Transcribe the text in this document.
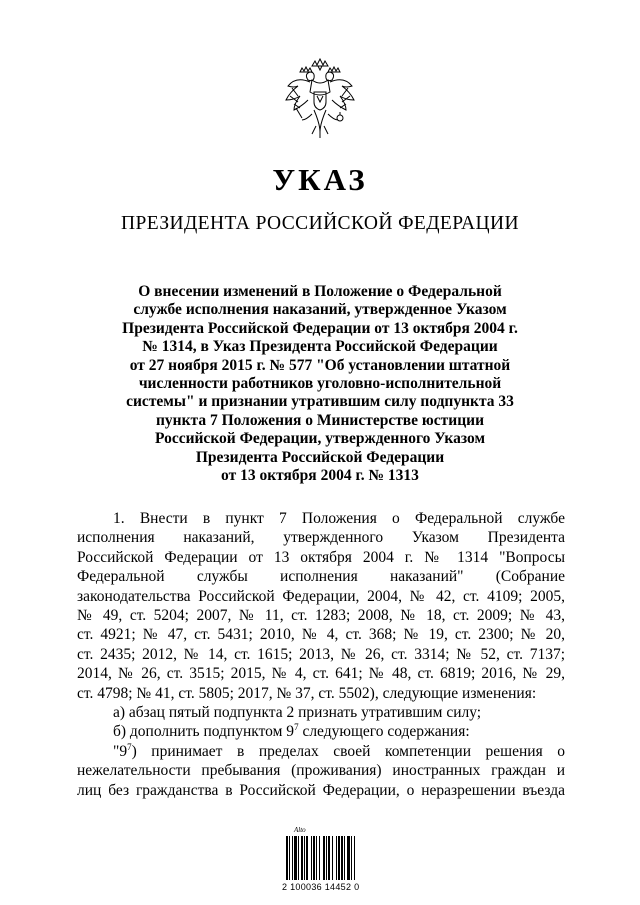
УКАЗ
ПРЕЗИДЕНТА РОССИЙСКОЙ ФЕДЕРАЦИИ
О внесении изменений в Положение о Федеральной
службе исполнения наказаний, утвержденное Указом
Президента Российской Федерации от 13 октября 2004 г.
№ 1314, в Указ Президента Российской Федерации
от 27 ноября 2015 г. № 577 "Об установлении штатной
численности работников уголовно-исполнительной
системы" и признании утратившим силу подпункта 33
пункта 7 Положения о Министерстве юстиции
Российской Федерации, утвержденного Указом
Президента Российской Федерации
от 13 октября 2004 г. № 1313
1. Внести в пункт 7 Положения о Федеральной службе
исполнения наказаний, утвержденного Указом Президента
Российской Федерации от 13 октября 2004 г. № 1314 "Вопросы
Федеральной службы исполнения наказаний" (Собрание
законодательства Российской Федерации, 2004, № 42, ст. 4109; 2005,
№ 49, ст. 5204; 2007, № 11, ст. 1283; 2008, № 18, ст. 2009; № 43,
ст. 4921; № 47, ст. 5431; 2010, № 4, ст. 368; № 19, ст. 2300; № 20,
ст. 2435; 2012, № 14, ст. 1615; 2013, № 26, ст. 3314; № 52, ст. 7137;
2014, № 26, ст. 3515; 2015, № 4, ст. 641; № 48, ст. 6819; 2016, № 29,
ст. 4798; № 41, ст. 5805; 2017, № 37, ст. 5502), следующие изменения:
а) абзац пятый подпункта 2 признать утратившим силу;
б) дополнить подпунктом $9^7$ следующего содержания:
"$9^7$) принимает в пределах своей компетенции решения о
нежелательности пребывания (проживания) иностранных граждан и
лиц без гражданства в Российской Федерации, о неразрешении въезда
Alto
2 100036 14452 0
